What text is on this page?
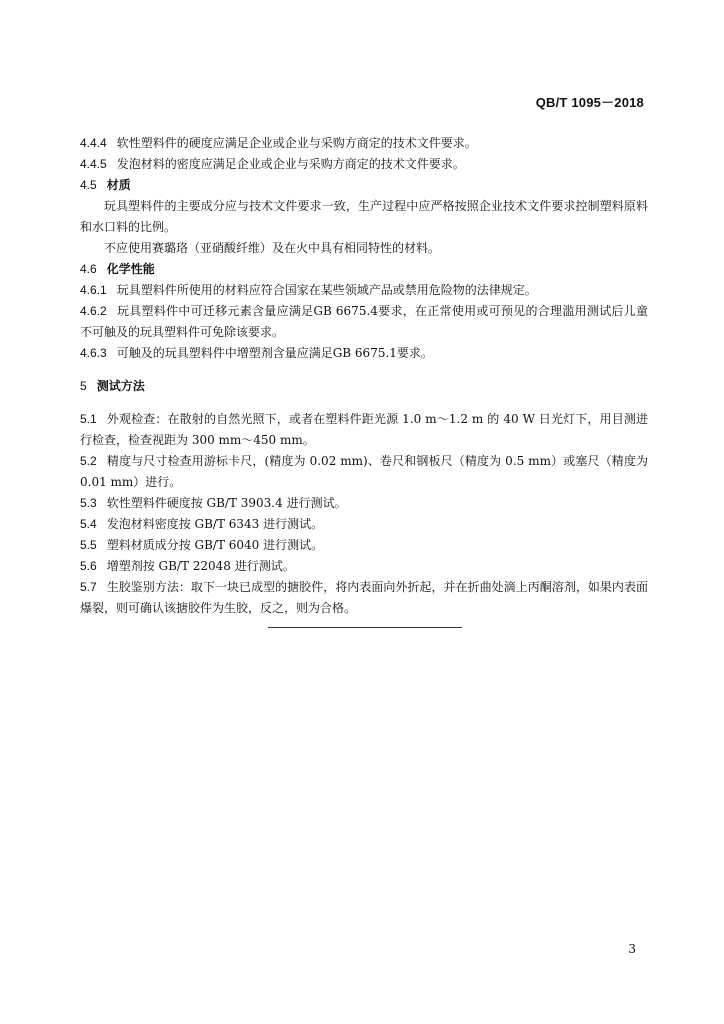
QB/T 1095－2018
4.4.4 软性塑料件的硬度应满足企业或企业与采购方商定的技术文件要求。
4.4.5 发泡材料的密度应满足企业或企业与采购方商定的技术文件要求。
4.5 材质
玩具塑料件的主要成分应与技术文件要求一致，生产过程中应严格按照企业技术文件要求控制塑料原料和水口料的比例。
不应使用赛璐珞（亚硝酸纤维）及在火中具有相同特性的材料。
4.6 化学性能
4.6.1 玩具塑料件所使用的材料应符合国家在某些领域产品或禁用危险物的法律规定。
4.6.2 玩具塑料件中可迁移元素含量应满足GB 6675.4要求，在正常使用或可预见的合理滥用测试后儿童不可触及的玩具塑料件可免除该要求。
4.6.3 可触及的玩具塑料件中增塑剂含量应满足GB 6675.1要求。
5 测试方法
5.1 外观检查：在散射的自然光照下，或者在塑料件距光源 1.0 m～1.2 m 的 40 W 日光灯下，用目测进行检查，检查视距为 300 mm～450 mm。
5.2 精度与尺寸检查用游标卡尺，(精度为 0.02 mm)、卷尺和钢板尺（精度为 0.5 mm）或塞尺（精度为 0.01 mm）进行。
5.3 软性塑料件硬度按 GB/T 3903.4 进行测试。
5.4 发泡材料密度按 GB/T 6343 进行测试。
5.5 塑料材质成分按 GB/T 6040 进行测试。
5.6 增塑剂按 GB/T 22048 进行测试。
5.7 生胶鉴别方法：取下一块已成型的搪胶件，将内表面向外折起，并在折曲处滴上丙酮溶剂，如果内表面爆裂，则可确认该搪胶件为生胶，反之，则为合格。
3
